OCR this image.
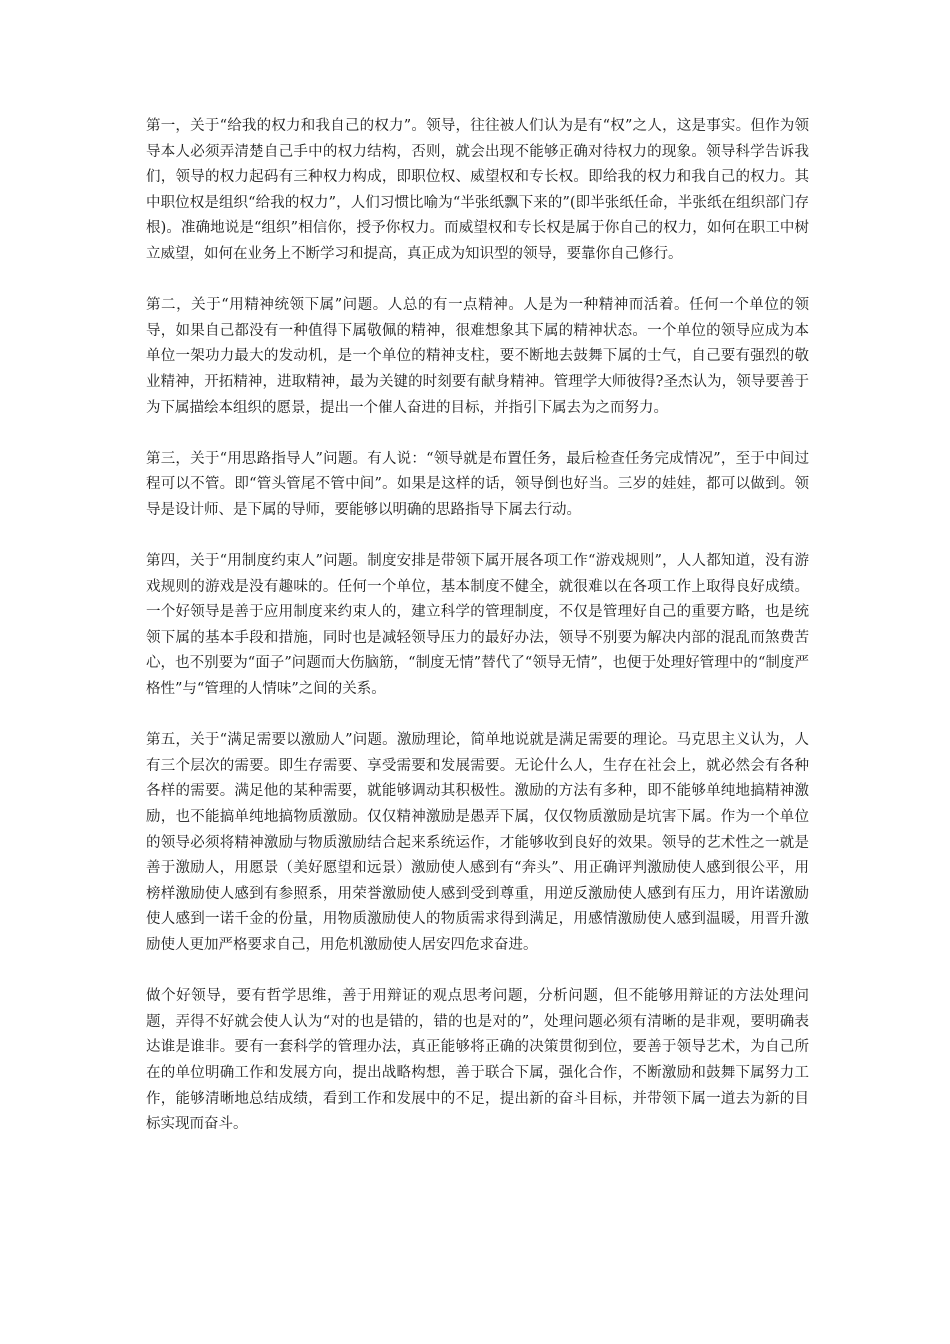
第一，关于“给我的权力和我自己的权力”。领导，往往被人们认为是有“权”之人，这是事实。但作为领导本人必须弄清楚自己手中的权力结构，否则，就会出现不能够正确对待权力的现象。领导科学告诉我们，领导的权力起码有三种权力构成，即职位权、威望权和专长权。即给我的权力和我自己的权力。其中职位权是组织“给我的权力”，人们习惯比喻为“半张纸飘下来的”(即半张纸任命，半张纸在组织部门存根)。准确地说是“组织”相信你，授予你权力。而威望权和专长权是属于你自己的权力，如何在职工中树立威望，如何在业务上不断学习和提高，真正成为知识型的领导，要靠你自己修行。

第二，关于“用精神统领下属”问题。人总的有一点精神。人是为一种精神而活着。任何一个单位的领导，如果自己都没有一种值得下属敬佩的精神，很难想象其下属的精神状态。一个单位的领导应成为本单位一架功力最大的发动机，是一个单位的精神支柱，要不断地去鼓舞下属的士气，自己要有强烈的敬业精神，开拓精神，进取精神，最为关键的时刻要有献身精神。管理学大师彼得?圣杰认为，领导要善于为下属描绘本组织的愿景，提出一个催人奋进的目标，并指引下属去为之而努力。

第三，关于“用思路指导人”问题。有人说：“领导就是布置任务，最后检查任务完成情况”，至于中间过程可以不管。即“管头管尾不管中间”。如果是这样的话，领导倒也好当。三岁的娃娃，都可以做到。领导是设计师、是下属的导师，要能够以明确的思路指导下属去行动。

第四，关于“用制度约束人”问题。制度安排是带领下属开展各项工作“游戏规则”，人人都知道，没有游戏规则的游戏是没有趣味的。任何一个单位，基本制度不健全，就很难以在各项工作上取得良好成绩。一个好领导是善于应用制度来约束人的，建立科学的管理制度，不仅是管理好自己的重要方略，也是统领下属的基本手段和措施，同时也是减轻领导压力的最好办法，领导不别要为解决内部的混乱而煞费苦心，也不别要为“面子”问题而大伤脑筋，“制度无情”替代了“领导无情”，也便于处理好管理中的“制度严格性”与“管理的人情味”之间的关系。

第五，关于“满足需要以激励人”问题。激励理论，简单地说就是满足需要的理论。马克思主义认为，人有三个层次的需要。即生存需要、享受需要和发展需要。无论什么人，生存在社会上，就必然会有各种各样的需要。满足他的某种需要，就能够调动其积极性。激励的方法有多种，即不能够单纯地搞精神激励，也不能搞单纯地搞物质激励。仅仅精神激励是愚弄下属，仅仅物质激励是坑害下属。作为一个单位的领导必须将精神激励与物质激励结合起来系统运作，才能够收到良好的效果。领导的艺术性之一就是善于激励人，用愿景（美好愿望和远景）激励使人感到有“奔头”、用正确评判激励使人感到很公平，用榜样激励使人感到有参照系，用荣誉激励使人感到受到尊重，用逆反激励使人感到有压力，用许诺激励使人感到一诺千金的份量，用物质激励使人的物质需求得到满足，用感情激励使人感到温暖，用晋升激励使人更加严格要求自己，用危机激励使人居安四危求奋进。

做个好领导，要有哲学思维，善于用辩证的观点思考问题，分析问题，但不能够用辩证的方法处理问题，弄得不好就会使人认为“对的也是错的，错的也是对的”，处理问题必须有清晰的是非观，要明确表达谁是谁非。要有一套科学的管理办法，真正能够将正确的决策贯彻到位，要善于领导艺术，为自己所在的单位明确工作和发展方向，提出战略构想，善于联合下属，强化合作，不断激励和鼓舞下属努力工作，能够清晰地总结成绩，看到工作和发展中的不足，提出新的奋斗目标，并带领下属一道去为新的目标实现而奋斗。
